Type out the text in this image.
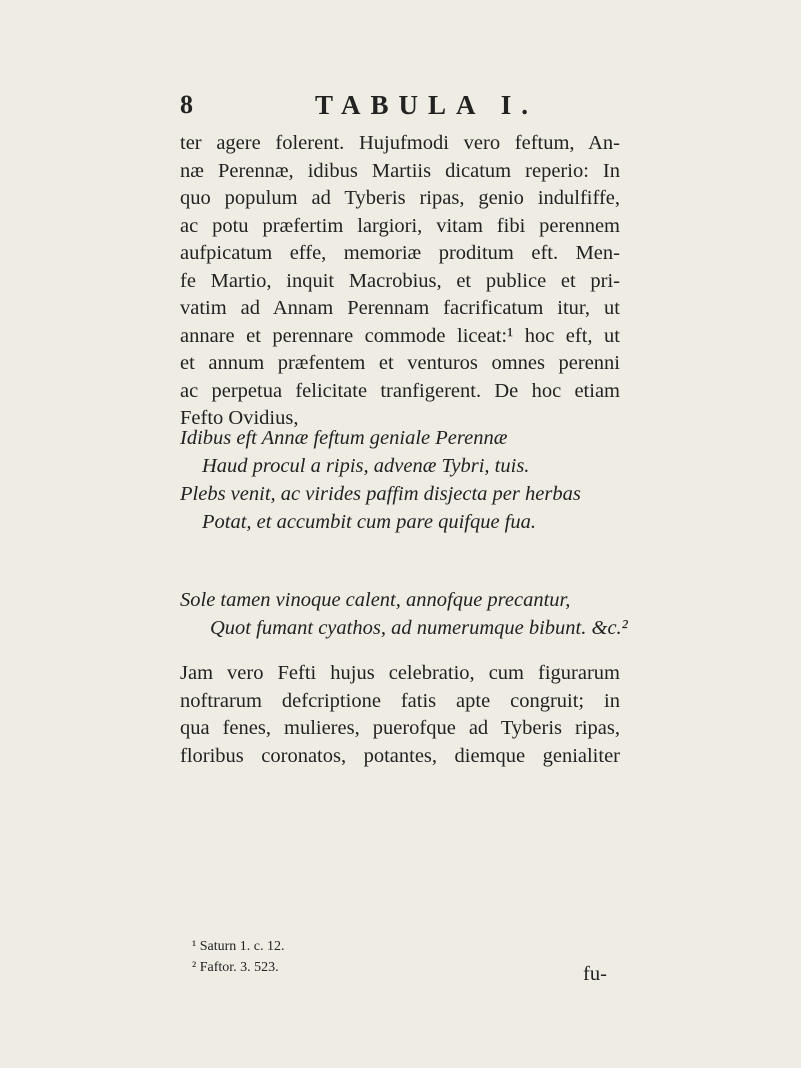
8	TABULA I.
ter agere folerent. Hujufmodi vero feftum, An-
næ Perennæ, idibus Martiis dicatum reperio: In
quo populum ad Tyberis ripas, genio indulfiffe,
ac potu præfertim largiori, vitam fibi perennem
aufpicatum effe, memoriæ proditum eft. Men-
fe Martio, inquit Macrobius, et publice et pri-
vatim ad Annam Perennam facrificatum itur, ut
annare et perennare commode liceat:¹ hoc eft, ut
et annum præfentem et venturos omnes perenni
ac perpetua felicitate tranfigerent. De hoc etiam
Fefto Ovidius,
Idibus eft Annæ feftum geniale Perennæ
Haud procul a ripis, advenæ Tybri, tuis.
Plebs venit, ac virides paffim disjecta per herbas
Potat, et accumbit cum pare quifque fua.
Sole tamen vinoque calent, annofque precantur,
Quot fumant cyathos, ad numerumque bibunt. &c.²
Jam vero Fefti hujus celebratio, cum figurarum
noftrarum defcriptione fatis apte congruit; in
qua fenes, mulieres, puerofque ad Tyberis ripas,
floribus coronatos, potantes, diemque genialiter
¹ Saturn 1. c. 12.
² Faftor. 3. 523.	fu-
